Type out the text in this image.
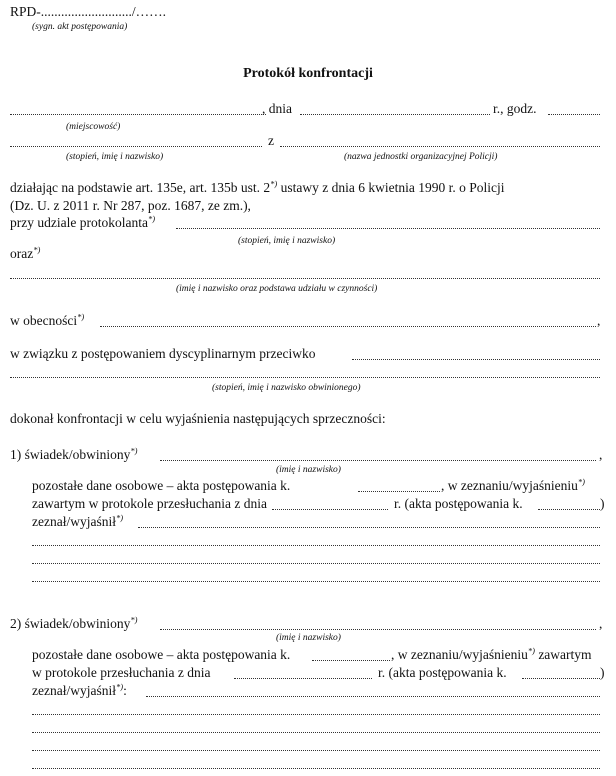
RPD-.........................../…….
(sygn. akt postępowania)
Protokół konfrontacji
, dnia	r., godz.
(miejscowość)
z
(stopień, imię i nazwisko)	(nazwa jednostki organizacyjnej Policji)
działając na podstawie art. 135e, art. 135b ust. 2*) ustawy z dnia 6 kwietnia 1990 r. o Policji
(Dz. U. z 2011 r. Nr 287, poz. 1687, ze zm.),
przy udziale protokolanta*)
(stopień, imię i nazwisko)
oraz*)
(imię i nazwisko oraz podstawa udziału w czynności)
w obecności*)	,
w związku z postępowaniem dyscyplinarnym przeciwko
(stopień, imię i nazwisko obwinionego)
dokonał konfrontacji w celu wyjaśnienia następujących sprzeczności:
1) świadek/obwiniony*)	,
(imię i nazwisko)
pozostałe dane osobowe – akta postępowania k.	, w zeznaniu/wyjaśnieniu*)
zawartym w protokole przesłuchania z dnia	r. (akta postępowania k.	)
zeznał/wyjaśnił*)
2) świadek/obwiniony*)	,
(imię i nazwisko)
pozostałe dane osobowe – akta postępowania k.	, w zeznaniu/wyjaśnieniu*) zawartym
w protokole przesłuchania z dnia	r. (akta postępowania k.	)
zeznał/wyjaśnił*):
